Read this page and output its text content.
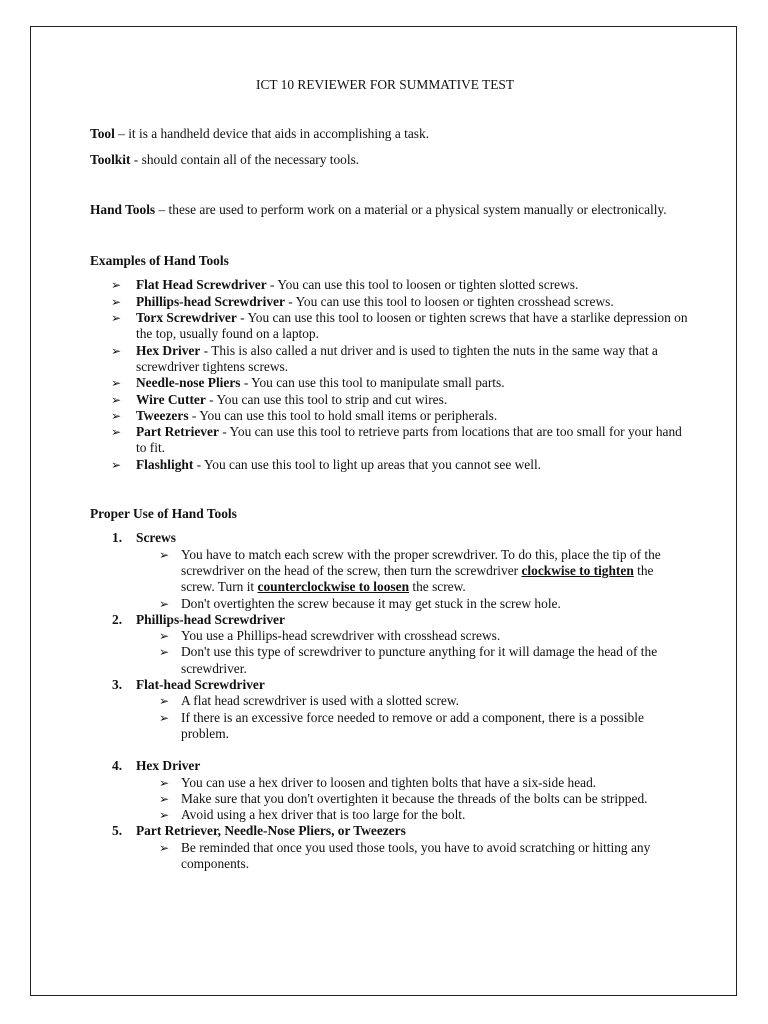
ICT 10 REVIEWER FOR SUMMATIVE TEST

Tool – it is a handheld device that aids in accomplishing a task.

Toolkit - should contain all of the necessary tools.

Hand Tools – these are used to perform work on a material or a physical system manually or electronically.

Examples of Hand Tools

➢ Flat Head Screwdriver - You can use this tool to loosen or tighten slotted screws.
➢ Phillips-head Screwdriver - You can use this tool to loosen or tighten crosshead screws.
➢ Torx Screwdriver - You can use this tool to loosen or tighten screws that have a starlike depression on the top, usually found on a laptop.
➢ Hex Driver - This is also called a nut driver and is used to tighten the nuts in the same way that a screwdriver tightens screws.
➢ Needle-nose Pliers - You can use this tool to manipulate small parts.
➢ Wire Cutter - You can use this tool to strip and cut wires.
➢ Tweezers - You can use this tool to hold small items or peripherals.
➢ Part Retriever - You can use this tool to retrieve parts from locations that are too small for your hand to fit.
➢ Flashlight - You can use this tool to light up areas that you cannot see well.

Proper Use of Hand Tools

1. Screws
➢ You have to match each screw with the proper screwdriver. To do this, place the tip of the screwdriver on the head of the screw, then turn the screwdriver clockwise to tighten the screw. Turn it counterclockwise to loosen the screw.
➢ Don't overtighten the screw because it may get stuck in the screw hole.
2. Phillips-head Screwdriver
➢ You use a Phillips-head screwdriver with crosshead screws.
➢ Don't use this type of screwdriver to puncture anything for it will damage the head of the screwdriver.
3. Flat-head Screwdriver
➢ A flat head screwdriver is used with a slotted screw.
➢ If there is an excessive force needed to remove or add a component, there is a possible problem.
4. Hex Driver
➢ You can use a hex driver to loosen and tighten bolts that have a six-side head.
➢ Make sure that you don't overtighten it because the threads of the bolts can be stripped.
➢ Avoid using a hex driver that is too large for the bolt.
5. Part Retriever, Needle-Nose Pliers, or Tweezers
➢ Be reminded that once you used those tools, you have to avoid scratching or hitting any components.
